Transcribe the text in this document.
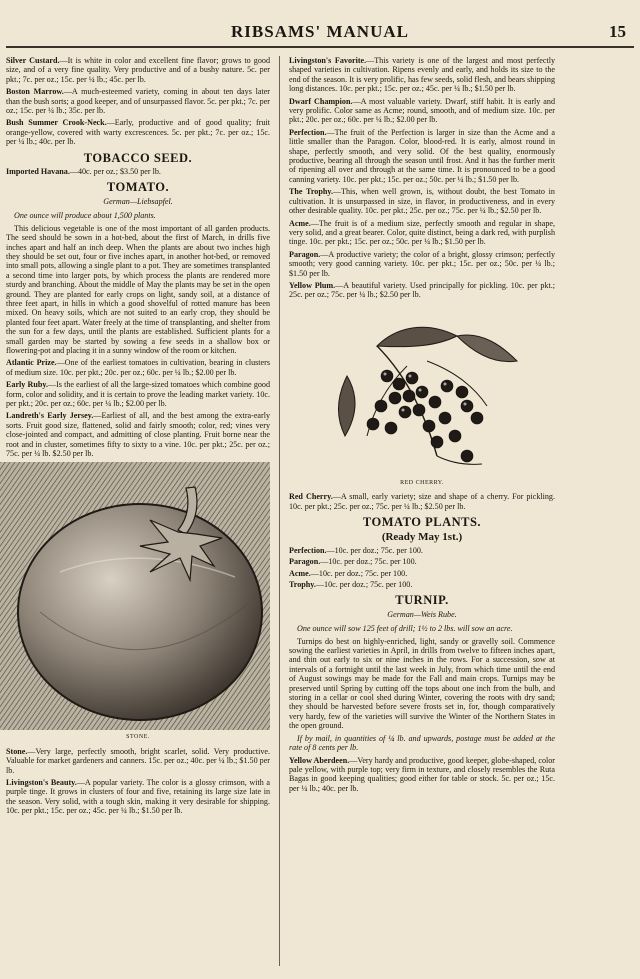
RIBSAMS' MANUAL	15

Silver Custard.—It is white in color and excellent fine flavor; grows to good size, and of a very fine quality. Very productive and of a bushy nature. 5c. per pkt.; 7c. per oz.; 15c. per ¼ lb.; 45c. per lb.

Boston Marrow.—A much-esteemed variety, coming in about ten days later than the bush sorts; a good keeper, and of unsurpassed flavor. 5c. per pkt.; 7c. per oz.; 15c. per ¼ lb.; 35c. per lb.

Bush Summer Crook-Neck.—Early, productive and of good quality; fruit orange-yellow, covered with warty excrescences. 5c. per pkt.; 7c. per oz.; 15c. per ¼ lb.; 40c. per lb.

TOBACCO SEED.

Imported Havana.—40c. per oz.; $3.50 per lb.

TOMATO.
German—Liebsapfel.

One ounce will produce about 1,500 plants.

This delicious vegetable is one of the most important of all garden products. The seed should be sown in a hot-bed, about the first of March, in drills five inches apart and half an inch deep. When the plants are about two inches high they should be set out, four or five inches apart, in another hot-bed, or removed into small pots, allowing a single plant to a pot. They are sometimes transplanted a second time into larger pots, by which process the plants are rendered more sturdy and branching. About the middle of May the plants may be set in the open ground. They are planted for early crops on light, sandy soil, at a distance of three feet apart, in hills in which a good shovelful of rotted manure has been mixed. On heavy soils, which are not suited to an early crop, they should be planted four feet apart. Water freely at the time of transplanting, and shelter from the sun for a few days, until the plants are established. Sufficient plants for a small garden may be started by sowing a few seeds in a shallow box or flowering-pot and placing it in a sunny window of the room or kitchen.

Atlantic Prize.—One of the earliest tomatoes in cultivation, bearing in clusters of medium size. 10c. per pkt.; 20c. per oz.; 60c. per ¼ lb.; $2.00 per lb.

Early Ruby.—Is the earliest of all the large-sized tomatoes which combine good form, color and solidity, and it is certain to prove the leading market variety. 10c. per pkt.; 20c. per oz.; 60c. per ¼ lb.; $2.00 per lb.

Landreth's Early Jersey.—Earliest of all, and the best among the extra-early sorts. Fruit good size, flattened, solid and fairly smooth; color, red; vines very close-jointed and compact, and admitting of close planting. Fruit borne near the root and in cluster, sometimes fifty to sixty to a vine. 10c. per pkt.; 25c. per oz.; 75c. per ¼ lb. $2.50 per lb.

STONE.

Stone.—Very large, perfectly smooth, bright scarlet, solid. Very productive. Valuable for market gardeners and canners. 15c. per oz.; 40c. per ¼ lb.; $1.50 per lb.

Livingston's Beauty.—A popular variety. The color is a glossy crimson, with a purple tinge. It grows in clusters of four and five, retaining its large size late in the season. Very solid, with a tough skin, making it very desirable for shipping. 10c. per pkt.; 15c. per oz.; 45c. per ¼ lb.; $1.50 per lb.

Livingston's Favorite.—This variety is one of the largest and most perfectly shaped varieties in cultivation. Ripens evenly and early, and holds its size to the end of the season. It is very prolific, has few seeds, solid flesh, and bears shipping long distances. 10c. per pkt.; 15c. per oz.; 45c. per ¼ lb.; $1.50 per lb.

Dwarf Champion.—A most valuable variety. Dwarf, stiff habit. It is early and very prolific. Color same as Acme; round, smooth, and of medium size. 10c. per pkt.; 20c. per oz.; 60c. per ¼ lb.; $2.00 per lb.

Perfection.—The fruit of the Perfection is larger in size than the Acme and a little smaller than the Paragon. Color, blood-red. It is early, almost round in shape, perfectly smooth, and very solid. Of the best quality, enormously productive, bearing all through the season until frost. And it has the further merit of ripening all over and through at the same time. It is pronounced to be a good canning variety. 10c. per pkt.; 15c. per oz.; 50c. per ¼ lb.; $1.50 per lb.

The Trophy.—This, when well grown, is, without doubt, the best Tomato in cultivation. It is unsurpassed in size, in flavor, in productiveness, and in every other desirable quality. 10c. per pkt.; 25c. per oz.; 75c. per ¼ lb.; $2.50 per lb.

Acme.—The fruit is of a medium size, perfectly smooth and regular in shape, very solid, and a great bearer. Color, quite distinct, being a dark red, with purplish tinge. 10c. per pkt.; 15c. per oz.; 50c. per ¼ lb.; $1.50 per lb.

Paragon.—A productive variety; the color of a bright, glossy crimson; perfectly smooth; very good canning variety. 10c. per pkt.; 15c. per oz.; 50c. per ¼ lb.; $1.50 per lb.

Yellow Plum.—A beautiful variety. Used principally for pickling. 10c. per pkt.; 25c. per oz.; 75c. per ¼ lb.; $2.50 per lb.

RED CHERRY.

Red Cherry.—A small, early variety; size and shape of a cherry. For pickling. 10c. per pkt.; 25c. per oz.; 75c. per ¼ lb.; $2.50 per lb.

TOMATO PLANTS.
(Ready May 1st.)

Perfection.—10c. per doz.; 75c. per 100.

Paragon.—10c. per doz.; 75c. per 100.

Acme.—10c. per doz.; 75c. per 100.

Trophy.—10c. per doz.; 75c. per 100.

TURNIP.
German—Weis Rube.

One ounce will sow 125 feet of drill; 1½ to 2 lbs. will sow an acre.

Turnips do best on highly-enriched, light, sandy or gravelly soil. Commence sowing the earliest varieties in April, in drills from twelve to fifteen inches apart, and thin out early to six or nine inches in the rows. For a succession, sow at intervals of a fortnight until the last week in July, from which time until the end of August sowings may be made for the Fall and main crops. Turnips may be preserved until Spring by cutting off the tops about one inch from the bulb, and storing in a cellar or cool shed during Winter, covering the roots with dry sand; they should be harvested before severe frosts set in, for, though comparatively very hardy, few of the varieties will survive the Winter of the Northern States in the open ground.

If by mail, in quantities of ¼ lb. and upwards, postage must be added at the rate of 8 cents per lb.

Yellow Aberdeen.—Very hardy and productive, good keeper, globe-shaped, color pale yellow, with purple top; very firm in texture, and closely resembles the Ruta Bagas in good keeping qualities; good either for table or stock. 5c. per oz.; 15c. per ¼ lb.; 40c. per lb.
